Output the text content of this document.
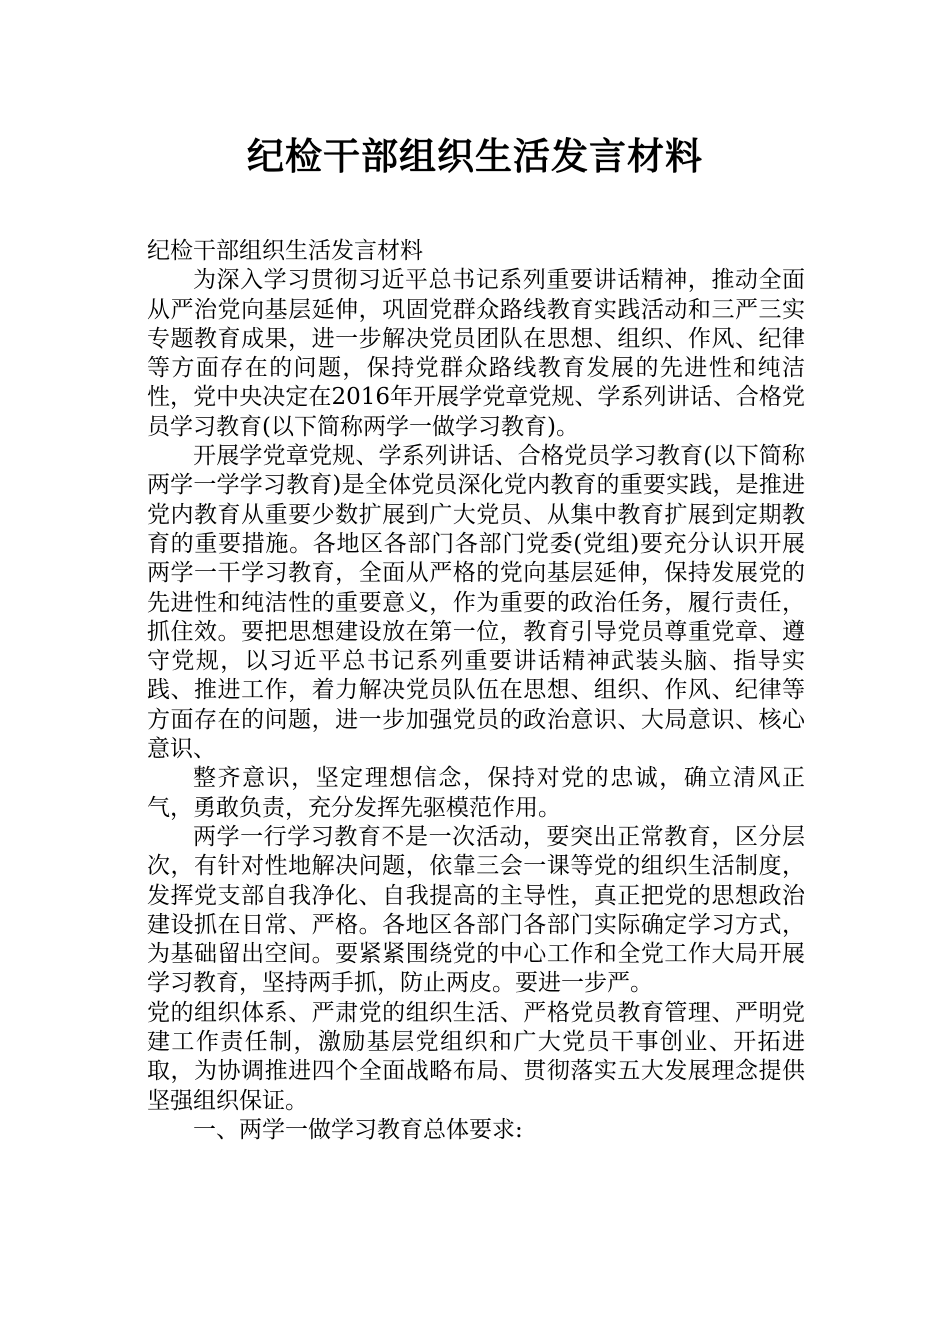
纪检干部组织生活发言材料

纪检干部组织生活发言材料

为深入学习贯彻习近平总书记系列重要讲话精神，推动全面从严治党向基层延伸，巩固党群众路线教育实践活动和三严三实专题教育成果，进一步解决党员团队在思想、组织、作风、纪律等方面存在的问题，保持党群众路线教育发展的先进性和纯洁性，党中央决定在2016年开展学党章党规、学系列讲话、合格党员学习教育(以下简称两学一做学习教育)。

开展学党章党规、学系列讲话、合格党员学习教育(以下简称两学一学学习教育)是全体党员深化党内教育的重要实践，是推进党内教育从重要少数扩展到广大党员、从集中教育扩展到定期教育的重要措施。各地区各部门各部门党委(党组)要充分认识开展两学一干学习教育，全面从严格的党向基层延伸，保持发展党的先进性和纯洁性的重要意义，作为重要的政治任务，履行责任，抓住效。要把思想建设放在第一位，教育引导党员尊重党章、遵守党规，以习近平总书记系列重要讲话精神武装头脑、指导实践、推进工作，着力解决党员队伍在思想、组织、作风、纪律等方面存在的问题，进一步加强党员的政治意识、大局意识、核心意识、

整齐意识，坚定理想信念，保持对党的忠诚，确立清风正气，勇敢负责，充分发挥先驱模范作用。

两学一行学习教育不是一次活动，要突出正常教育，区分层次，有针对性地解决问题，依靠三会一课等党的组织生活制度，发挥党支部自我净化、自我提高的主导性，真正把党的思想政治建设抓在日常、严格。各地区各部门各部门实际确定学习方式，为基础留出空间。要紧紧围绕党的中心工作和全党工作大局开展学习教育，坚持两手抓，防止两皮。要进一步严。

党的组织体系、严肃党的组织生活、严格党员教育管理、严明党建工作责任制，激励基层党组织和广大党员干事创业、开拓进取，为协调推进四个全面战略布局、贯彻落实五大发展理念提供坚强组织保证。

一、两学一做学习教育总体要求:
